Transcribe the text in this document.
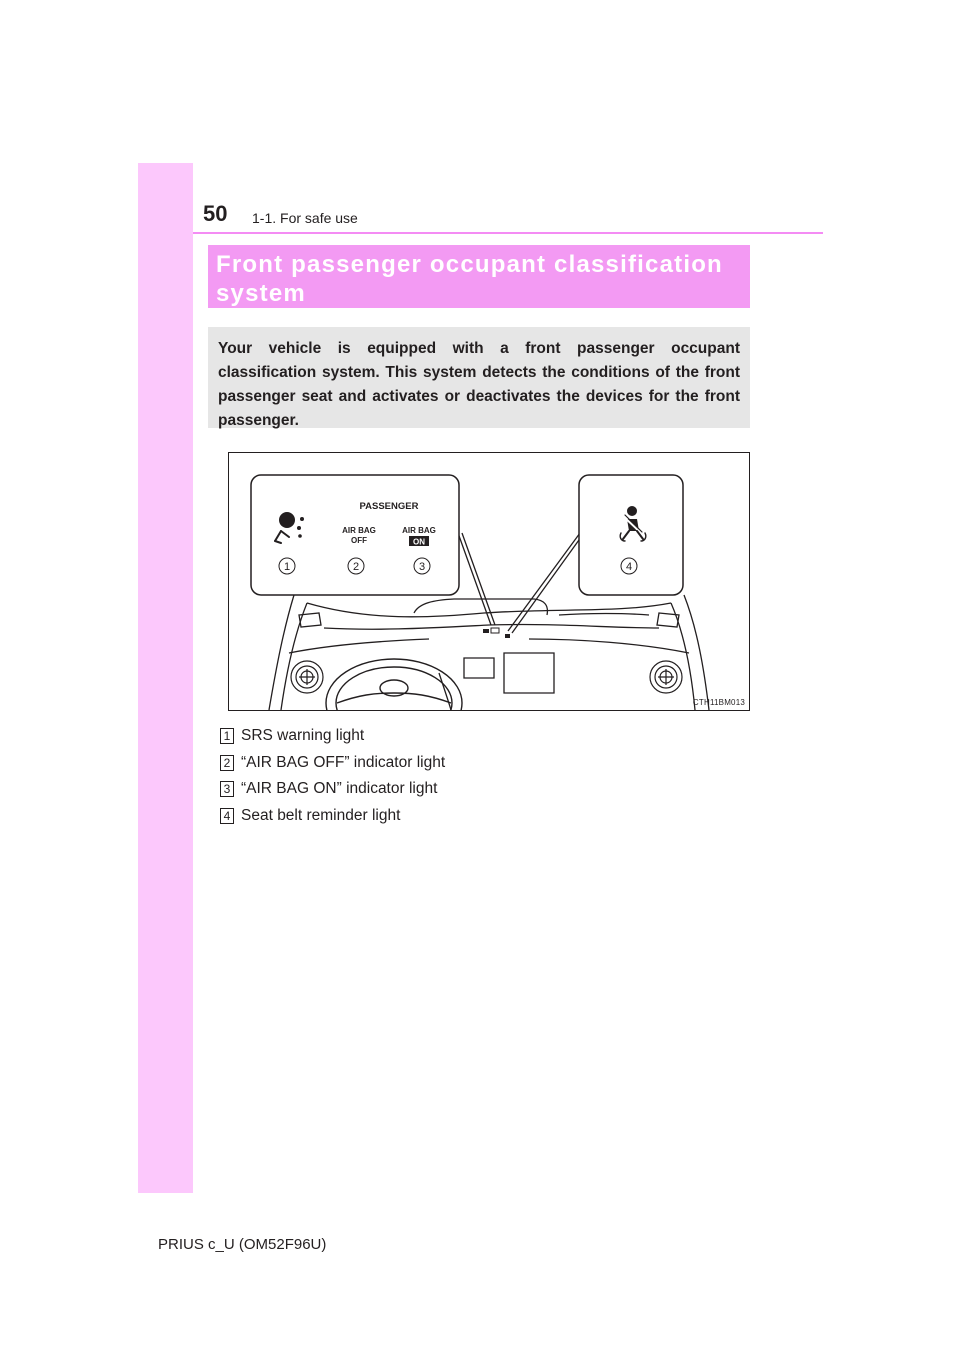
50 1-1. For safe use
Front passenger occupant classification system
Your vehicle is equipped with a front passenger occupant classification system. This system detects the conditions of the front passenger seat and activates or deactivates the devices for the front passenger.
PASSENGER
AIR BAG
OFF
AIR BAG
ON
1	2	3	4
CTH11BM013
1 SRS warning light
2 “AIR BAG OFF” indicator light
3 “AIR BAG ON” indicator light
4 Seat belt reminder light
PRIUS c_U (OM52F96U)
